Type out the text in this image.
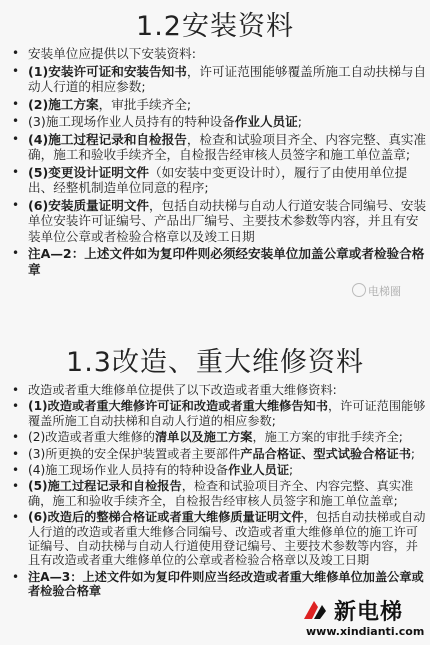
1.2安装资料
• 安装单位应提供以下安装资料:
• (1)安装许可证和安装告知书，许可证范围能够覆盖所施工自动扶梯与自动人行道的相应参数;
• (2)施工方案，审批手续齐全;
• (3)施工现场作业人员持有的特种设备作业人员证;
• (4)施工过程记录和自检报告，检查和试验项目齐全、内容完整、真实准确，施工和验收手续齐全，自检报告经审核人员签字和施工单位盖章;
• (5)变更设计证明文件（如安装中变更设计时），履行了由使用单位提出、经整机制造单位同意的程序;
• (6)安装质量证明文件，包括自动扶梯与自动人行道安装合同编号、安装单位安装许可证编号、产品出厂编号、主要技术参数等内容，并且有安装单位公章或者检验合格章以及竣工日期
• 注A—2：上述文件如为复印件则必须经安装单位加盖公章或者检验合格章
电梯圈
1.3改造、重大维修资料
• 改造或者重大维修单位提供了以下改造或者重大维修资料:
• (1)改造或者重大维修许可证和改造或者重大维修告知书，许可证范围能够覆盖所施工自动扶梯和自动人行道的相应参数;
• (2)改造或者重大维修的清单以及施工方案，施工方案的审批手续齐全;
• (3)所更换的安全保护装置或者主要部件产品合格证、型式试验合格证书;
• (4)施工现场作业人员持有的特种设备作业人员证;
• (5)施工过程记录和自检报告，检查和试验项目齐全、内容完整、真实准确，施工和验收手续齐全，自检报告经审核人员签字和施工单位盖章;
• (6)改造后的整梯合格证或者重大维修质量证明文件，包括自动扶梯或自动人行道的改造或者重大维修合同编号、改造或者重大维修单位的施工许可证编号、自动扶梯与自动人行道使用登记编号、主要技术参数等内容，并且有改造或者重大维修单位的公章或者检验合格章以及竣工日期
• 注A—3：上述文件如为复印件则应当经改造或者重大维修单位加盖公章或者检验合格章
新电梯
www.xindianti.com
